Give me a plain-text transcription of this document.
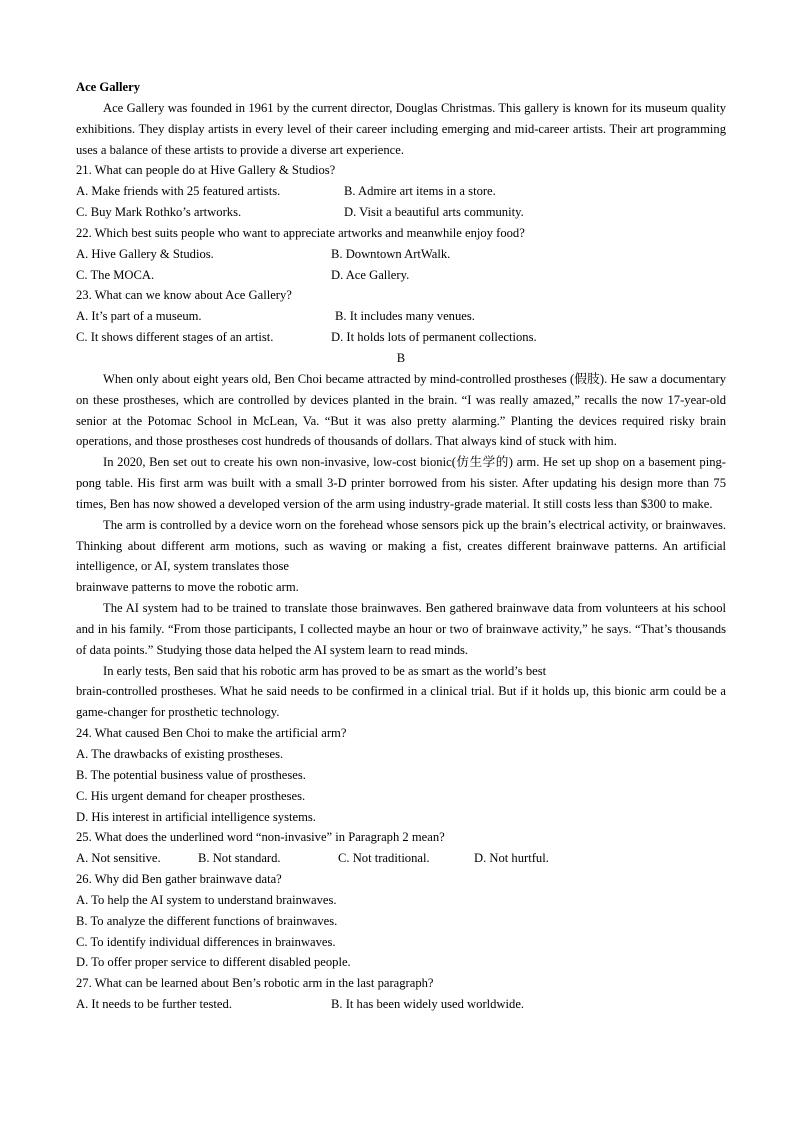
Ace Gallery

Ace Gallery was founded in 1961 by the current director, Douglas Christmas. This gallery is known for its museum quality exhibitions. They display artists in every level of their career including emerging and mid-career artists. Their art programming uses a balance of these artists to provide a diverse art experience.

21. What can people do at Hive Gallery & Studios?
A. Make friends with 25 featured artists.	B. Admire art items in a store.
C. Buy Mark Rothko’s artworks.	D. Visit a beautiful arts community.
22. Which best suits people who want to appreciate artworks and meanwhile enjoy food?
A. Hive Gallery & Studios.	B. Downtown ArtWalk.
C. The MOCA.	D. Ace Gallery.
23. What can we know about Ace Gallery?
A. It’s part of a museum.	B. It includes many venues.
C. It shows different stages of an artist.	D. It holds lots of permanent collections.
B

When only about eight years old, Ben Choi became attracted by mind-controlled prostheses (假肢). He saw a documentary on these prostheses, which are controlled by devices planted in the brain. “I was really amazed,” recalls the now 17-year-old senior at the Potomac School in McLean, Va. “But it was also pretty alarming.” Planting the devices required risky brain operations, and those prostheses cost hundreds of thousands of dollars. That always kind of stuck with him.

In 2020, Ben set out to create his own non-invasive, low-cost bionic(仿生学的) arm. He set up shop on a basement ping-pong table. His first arm was built with a small 3-D printer borrowed from his sister. After updating his design more than 75 times, Ben has now showed a developed version of the arm using industry-grade material. It still costs less than $300 to make.

The arm is controlled by a device worn on the forehead whose sensors pick up the brain’s electrical activity, or brainwaves. Thinking about different arm motions, such as waving or making a fist, creates different brainwave patterns. An artificial intelligence, or AI, system translates those

brainwave patterns to move the robotic arm.

The AI system had to be trained to translate those brainwaves. Ben gathered brainwave data from volunteers at his school and in his family. “From those participants, I collected maybe an hour or two of brainwave activity,” he says. “That’s thousands of data points.” Studying those data helped the AI system learn to read minds.

In early tests, Ben said that his robotic arm has proved to be as smart as the world’s best

brain-controlled prostheses. What he said needs to be confirmed in a clinical trial. But if it holds up, this bionic arm could be a game-changer for prosthetic technology.

24. What caused Ben Choi to make the artificial arm?
A. The drawbacks of existing prostheses.
B. The potential business value of prostheses.
C. His urgent demand for cheaper prostheses.
D. His interest in artificial intelligence systems.
25. What does the underlined word “non-invasive” in Paragraph 2 mean?
A. Not sensitive.	B. Not standard.	C. Not traditional.	D. Not hurtful.
26. Why did Ben gather brainwave data?
A. To help the AI system to understand brainwaves.
B. To analyze the different functions of brainwaves.
C. To identify individual differences in brainwaves.
D. To offer proper service to different disabled people.
27. What can be learned about Ben’s robotic arm in the last paragraph?
A. It needs to be further tested.	B. It has been widely used worldwide.
